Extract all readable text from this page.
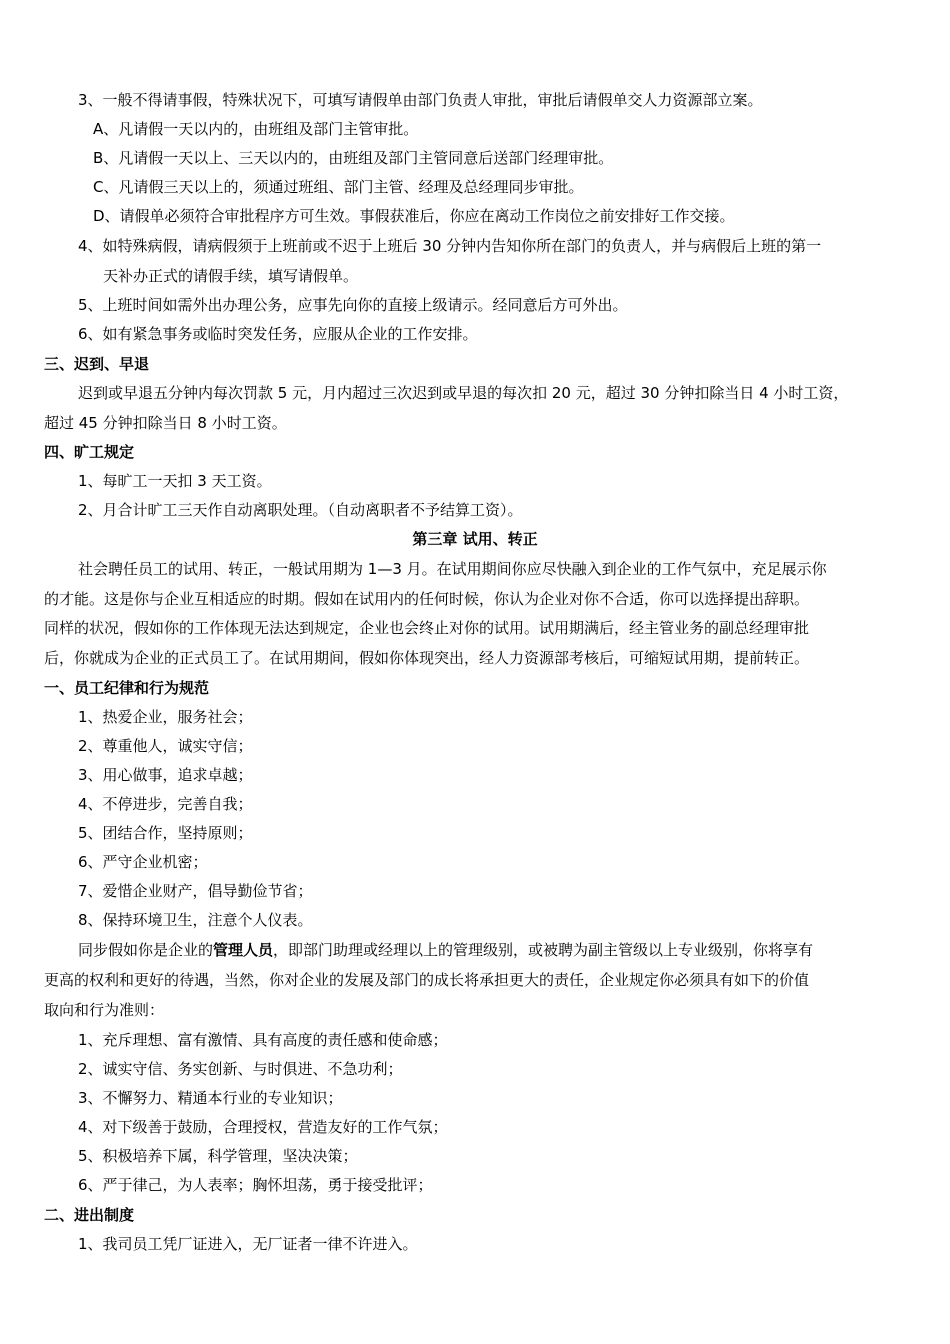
3、一般不得请事假，特殊状况下，可填写请假单由部门负责人审批，审批后请假单交人力资源部立案。
A、凡请假一天以内的，由班组及部门主管审批。
B、凡请假一天以上、三天以内的，由班组及部门主管同意后送部门经理审批。
C、凡请假三天以上的，须通过班组、部门主管、经理及总经理同步审批。
D、请假单必须符合审批程序方可生效。事假获准后，你应在离动工作岗位之前安排好工作交接。
4、如特殊病假，请病假须于上班前或不迟于上班后 30 分钟内告知你所在部门的负责人，并与病假后上班的第一
天补办正式的请假手续，填写请假单。
5、上班时间如需外出办理公务，应事先向你的直接上级请示。经同意后方可外出。
6、如有紧急事务或临时突发任务，应服从企业的工作安排。
三、迟到、早退
迟到或早退五分钟内每次罚款 5 元，月内超过三次迟到或早退的每次扣 20 元，超过 30 分钟扣除当日 4 小时工资，
超过 45 分钟扣除当日 8 小时工资。
四、旷工规定
1、每旷工一天扣 3 天工资。
2、月合计旷工三天作自动离职处理。（自动离职者不予结算工资）。
第三章 试用、转正
社会聘任员工的试用、转正，一般试用期为 1—3 月。在试用期间你应尽快融入到企业的工作气氛中，充足展示你
的才能。这是你与企业互相适应的时期。假如在试用内的任何时候，你认为企业对你不合适，你可以选择提出辞职。
同样的状况，假如你的工作体现无法达到规定，企业也会终止对你的试用。试用期满后，经主管业务的副总经理审批
后，你就成为企业的正式员工了。在试用期间，假如你体现突出，经人力资源部考核后，可缩短试用期，提前转正。
一、员工纪律和行为规范
1、热爱企业，服务社会；
2、尊重他人，诚实守信；
3、用心做事，追求卓越；
4、不停进步，完善自我；
5、团结合作，坚持原则；
6、严守企业机密；
7、爱惜企业财产，倡导勤俭节省；
8、保持环境卫生，注意个人仪表。
同步假如你是企业的管理人员，即部门助理或经理以上的管理级别，或被聘为副主管级以上专业级别，你将享有
更高的权利和更好的待遇，当然，你对企业的发展及部门的成长将承担更大的责任，企业规定你必须具有如下的价值
取向和行为准则：
1、充斥理想、富有激情、具有高度的责任感和使命感；
2、诚实守信、务实创新、与时俱进、不急功利；
3、不懈努力、精通本行业的专业知识；
4、对下级善于鼓励，合理授权，营造友好的工作气氛；
5、积极培养下属，科学管理，坚决决策；
6、严于律己，为人表率；胸怀坦荡，勇于接受批评；
二、进出制度
1、我司员工凭厂证进入，无厂证者一律不许进入。
